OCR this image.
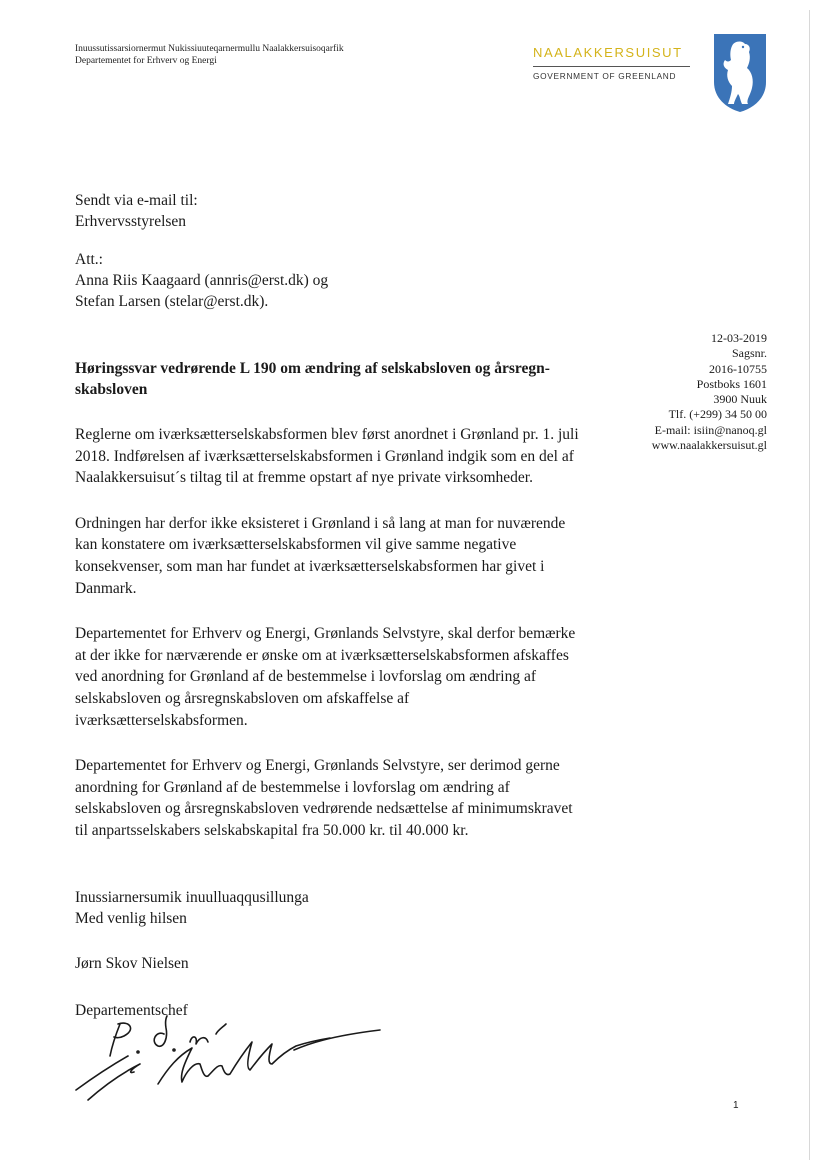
Inuussutissarsiornermut Nukissiuuteqarnermullu Naalakkersuisoqarfik
Departementet for Erhverv og Energi
NAALAKKERSUISUT
GOVERNMENT OF GREENLAND
Sendt via e-mail til:
Erhvervsstyrelsen
Att.:
Anna Riis Kaagaard (annris@erst.dk) og
Stefan Larsen (stelar@erst.dk).
12-03-2019
Sagsnr.
2016-10755
Postboks 1601
3900 Nuuk
Tlf. (+299) 34 50 00
E-mail: isiin@nanoq.gl
www.naalakkersuisut.gl
Høringssvar vedrørende L 190 om ændring af selskabsloven og årsregn-
skabsloven

Reglerne om iværksætterselskabsformen blev først anordnet i Grønland pr. 1. juli
2018. Indførelsen af iværksætterselskabsformen i Grønland indgik som en del af
Naalakkersuisut´s tiltag til at fremme opstart af nye private virksomheder.

Ordningen har derfor ikke eksisteret i Grønland i så lang at man for nuværende
kan konstatere om iværksætterselskabsformen vil give samme negative
konsekvenser, som man har fundet at iværksætterselskabsformen har givet i
Danmark.

Departementet for Erhverv og Energi, Grønlands Selvstyre, skal derfor bemærke
at der ikke for nærværende er ønske om at iværksætterselskabsformen afskaffes
ved anordning for Grønland af de bestemmelse i lovforslag om ændring af
selskabsloven og årsregnskabsloven om afskaffelse af
iværksætterselskabsformen.

Departementet for Erhverv og Energi, Grønlands Selvstyre, ser derimod gerne
anordning for Grønland af de bestemmelse i lovforslag om ændring af
selskabsloven og årsregnskabsloven vedrørende nedsættelse af minimumskravet
til anpartsselskabers selskabskapital fra 50.000 kr. til 40.000 kr.

Inussiarnersumik inuulluaqqusillunga
Med venlig hilsen
Jørn Skov Nielsen
Departementschef
1
